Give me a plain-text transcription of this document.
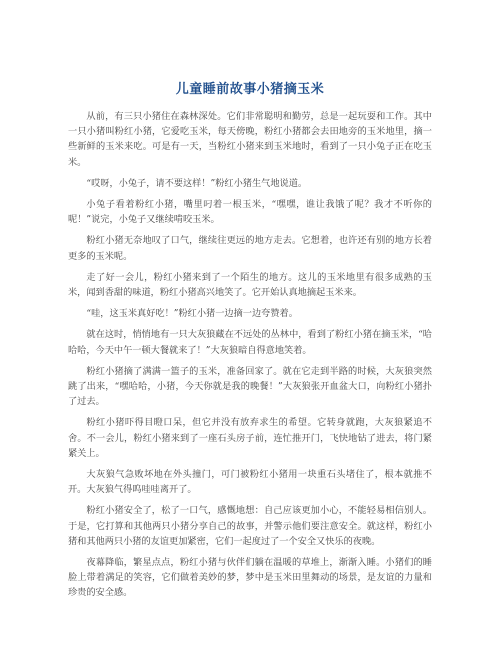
儿童睡前故事小猪摘玉米

从前，有三只小猪住在森林深处。它们非常聪明和勤劳，总是一起玩耍和工作。其中一只小猪叫粉红小猪，它爱吃玉米，每天傍晚，粉红小猪都会去田地旁的玉米地里，摘一些新鲜的玉米来吃。可是有一天，当粉红小猪来到玉米地时，看到了一只小兔子正在吃玉米。

“哎呀，小兔子，请不要这样！”粉红小猪生气地说道。

小兔子看着粉红小猪，嘴里叼着一根玉米，“嘿嘿，谁让我饿了呢？我才不听你的呢！”说完，小兔子又继续啃咬玉米。

粉红小猪无奈地叹了口气，继续往更远的地方走去。它想着，也许还有别的地方长着更多的玉米呢。

走了好一会儿，粉红小猪来到了一个陌生的地方。这儿的玉米地里有很多成熟的玉米，闻到香甜的味道，粉红小猪高兴地笑了。它开始认真地摘起玉米来。

“哇，这玉米真好吃！”粉红小猪一边摘一边夸赞着。

就在这时，悄悄地有一只大灰狼藏在不远处的丛林中，看到了粉红小猪在摘玉米，“哈哈哈，今天中午一顿大餐就来了！”大灰狼暗自得意地笑着。

粉红小猪摘了满满一篮子的玉米，准备回家了。就在它走到半路的时候，大灰狼突然跳了出来，“嘿哈哈，小猪，今天你就是我的晚餐！”大灰狼张开血盆大口，向粉红小猪扑了过去。

粉红小猪吓得目瞪口呆，但它并没有放弃求生的希望。它转身就跑，大灰狼紧追不舍。不一会儿，粉红小猪来到了一座石头房子前，连忙推开门，飞快地钻了进去，将门紧紧关上。

大灰狼气急败坏地在外头撞门，可门被粉红小猪用一块重石头堵住了，根本就推不开。大灰狼气得呜哇哇离开了。

粉红小猪安全了，松了一口气，感慨地想：自己应该更加小心，不能轻易相信别人。于是，它打算和其他两只小猪分享自己的故事，并警示他们要注意安全。就这样，粉红小猪和其他两只小猪的友谊更加紧密，它们一起度过了一个安全又快乐的夜晚。

夜幕降临，繁星点点，粉红小猪与伙伴们躺在温暖的草堆上，渐渐入睡。小猪们的睡脸上带着满足的笑容，它们做着美妙的梦，梦中是玉米田里舞动的场景，是友谊的力量和珍贵的安全感。
